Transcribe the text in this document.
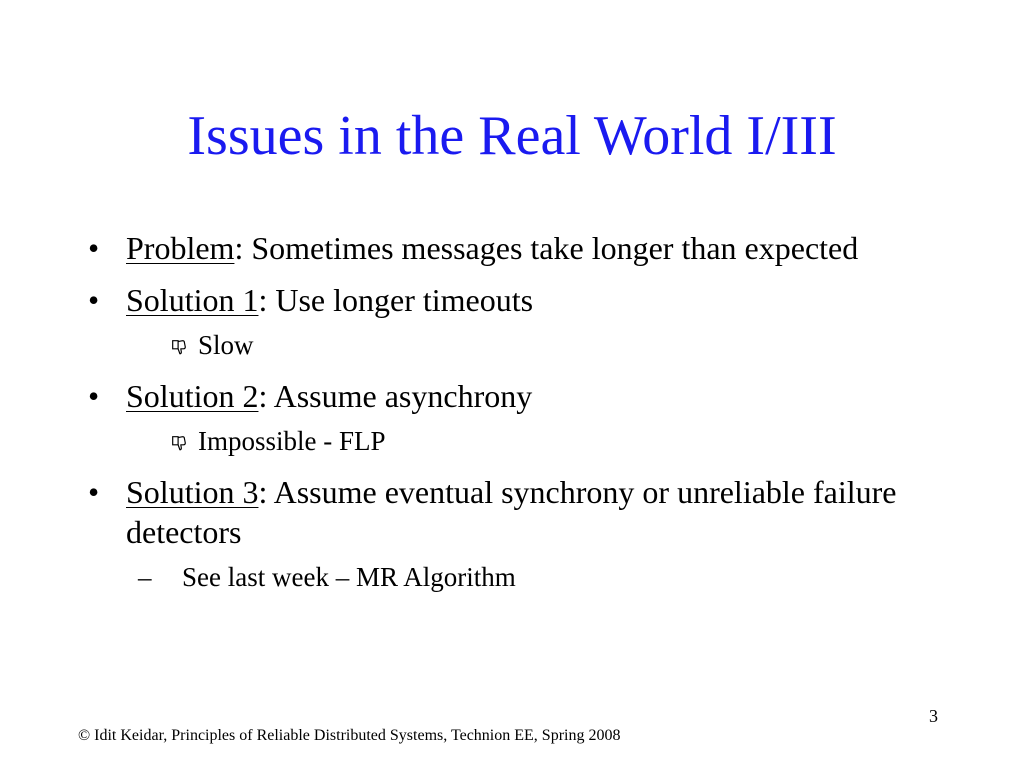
Issues in the Real World I/III
• Problem: Sometimes messages take longer than expected
• Solution 1: Use longer timeouts
Slow
• Solution 2: Assume asynchrony
Impossible - FLP
• Solution 3: Assume eventual synchrony or unreliable failure detectors
– See last week – MR Algorithm
3
© Idit Keidar, Principles of Reliable Distributed Systems, Technion EE, Spring 2008
